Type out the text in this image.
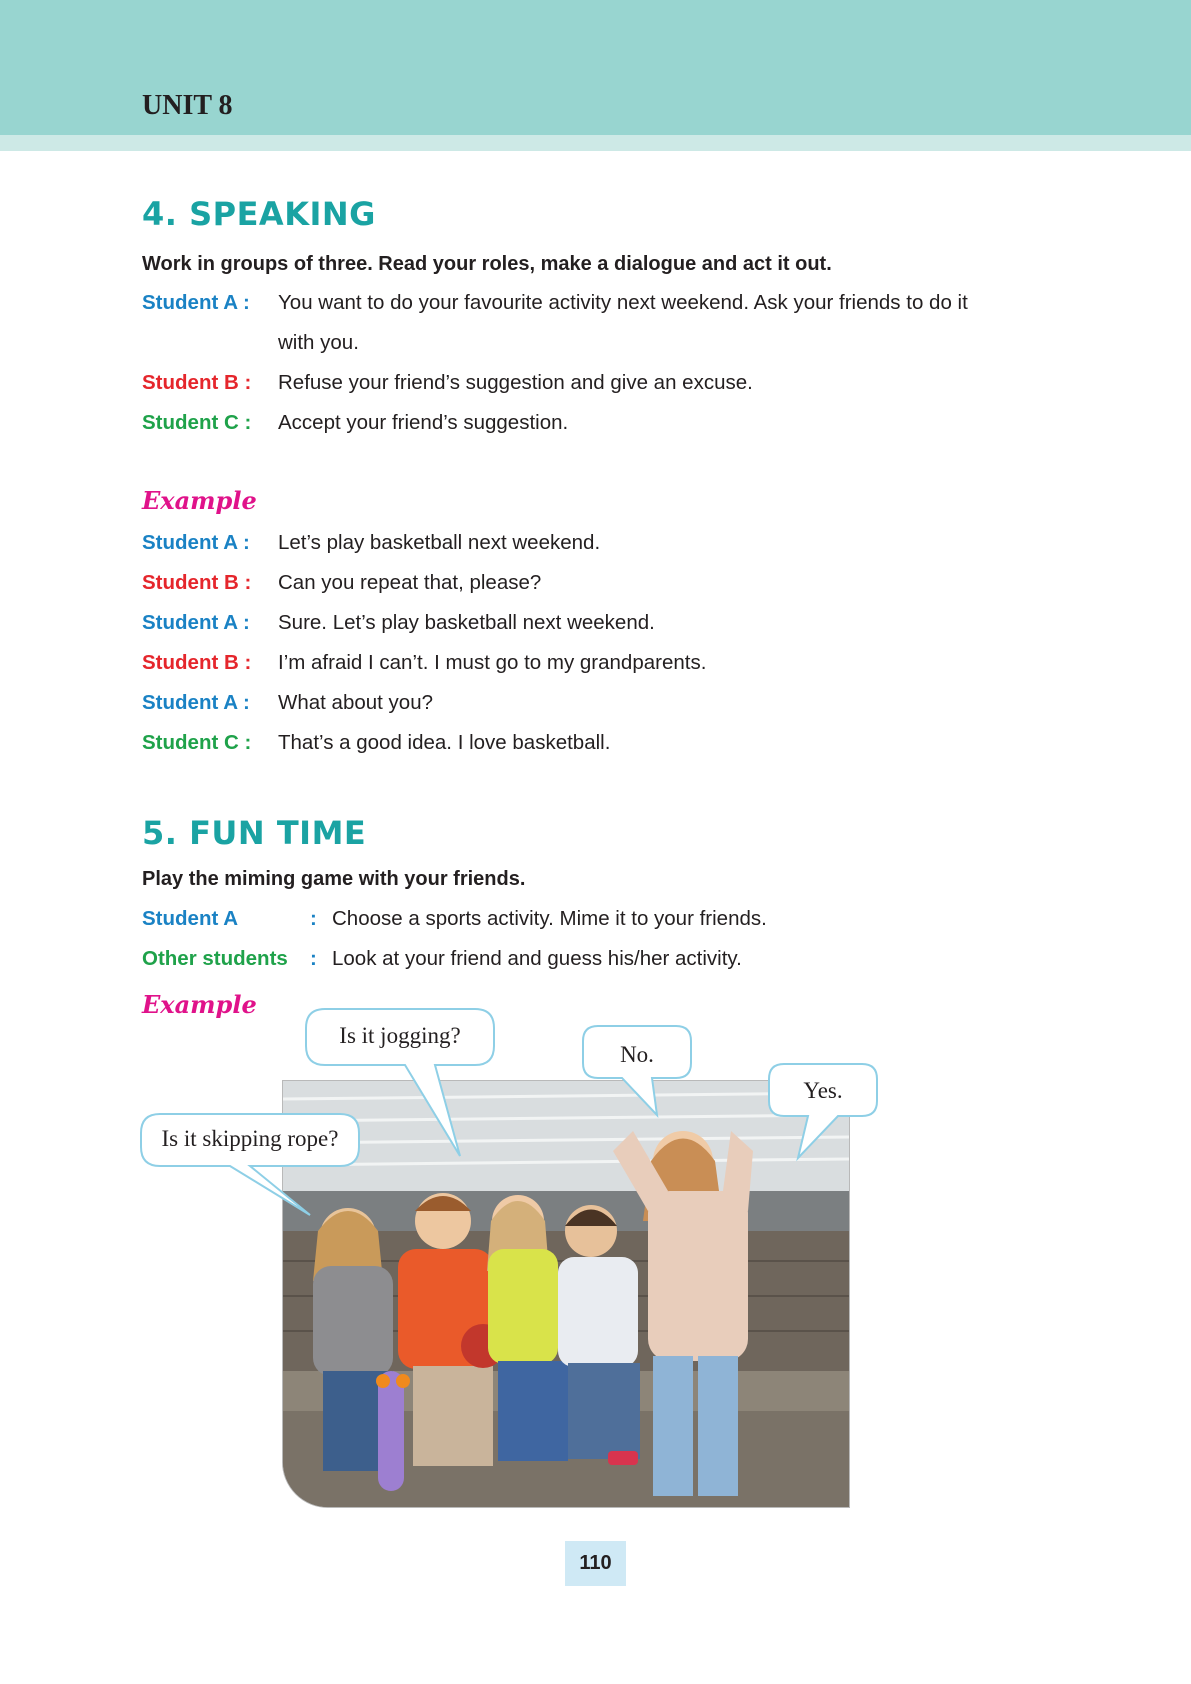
UNIT 8
4. SPEAKING
Work in groups of three. Read your roles, make a dialogue and act it out.
Student A : You want to do your favourite activity next weekend. Ask your friends to do it
with you.
Student B : Refuse your friend’s suggestion and give an excuse.
Student C : Accept your friend’s suggestion.
Example
Student A : Let’s play basketball next weekend.
Student B : Can you repeat that, please?
Student A : Sure. Let’s play basketball next weekend.
Student B : I’m afraid I can’t. I must go to my grandparents.
Student A : What about you?
Student C : That’s a good idea. I love basketball.
5. FUN TIME
Play the miming game with your friends.
Student A	: Choose a sports activity. Mime it to your friends.
Other students : Look at your friend and guess his/her activity.
Example
Is it skipping rope?
Is it jogging?
No.
Yes.
110
